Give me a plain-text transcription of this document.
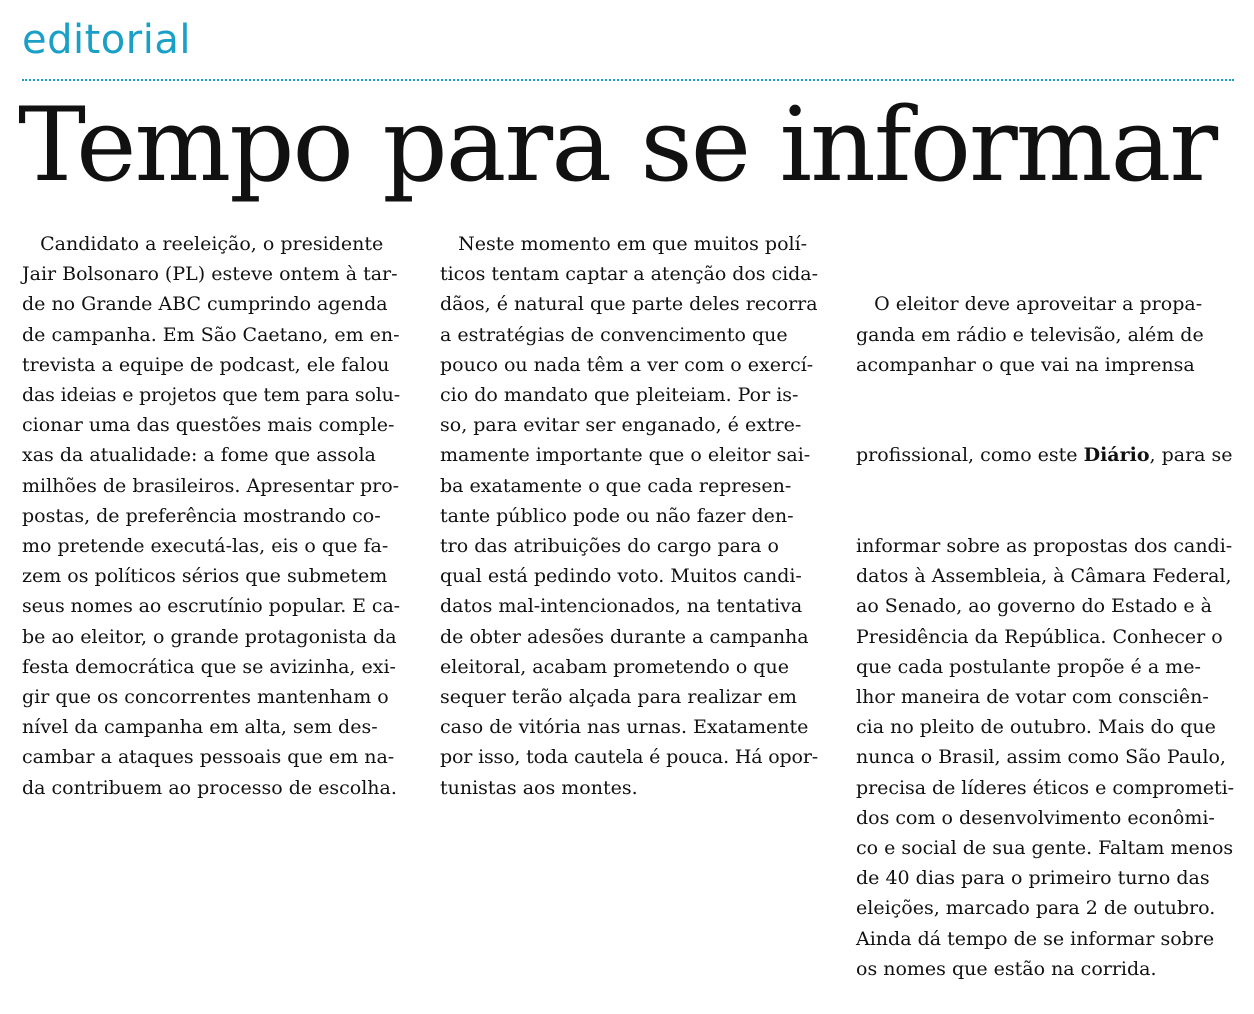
editorial
Tempo para se informar
Candidato a reeleição, o presidente
Jair Bolsonaro (PL) esteve ontem à tar-
de no Grande ABC cumprindo agenda
de campanha. Em São Caetano, em en-
trevista a equipe de podcast, ele falou
das ideias e projetos que tem para solu-
cionar uma das questões mais comple-
xas da atualidade: a fome que assola
milhões de brasileiros. Apresentar pro-
postas, de preferência mostrando co-
mo pretende executá-las, eis o que fa-
zem os políticos sérios que submetem
seus nomes ao escrutínio popular. E ca-
be ao eleitor, o grande protagonista da
festa democrática que se avizinha, exi-
gir que os concorrentes mantenham o
nível da campanha em alta, sem des-
cambar a ataques pessoais que em na-
da contribuem ao processo de escolha.
Neste momento em que muitos polí-
ticos tentam captar a atenção dos cida-
dãos, é natural que parte deles recorra
a estratégias de convencimento que
pouco ou nada têm a ver com o exercí-
cio do mandato que pleiteiam. Por is-
so, para evitar ser enganado, é extre-
mamente importante que o eleitor sai-
ba exatamente o que cada represen-
tante público pode ou não fazer den-
tro das atribuições do cargo para o
qual está pedindo voto. Muitos candi-
datos mal-intencionados, na tentativa
de obter adesões durante a campanha
eleitoral, acabam prometendo o que
sequer terão alçada para realizar em
caso de vitória nas urnas. Exatamente
por isso, toda cautela é pouca. Há opor-
tunistas aos montes.

O eleitor deve aproveitar a propa-
ganda em rádio e televisão, além de
acompanhar o que vai na imprensa

profissional, como este Diário, para se

informar sobre as propostas dos candi-
datos à Assembleia, à Câmara Federal,
ao Senado, ao governo do Estado e à
Presidência da República. Conhecer o
que cada postulante propõe é a me-
lhor maneira de votar com consciên-
cia no pleito de outubro. Mais do que
nunca o Brasil, assim como São Paulo,
precisa de líderes éticos e comprometi-
dos com o desenvolvimento econômi-
co e social de sua gente. Faltam menos
de 40 dias para o primeiro turno das
eleições, marcado para 2 de outubro.
Ainda dá tempo de se informar sobre
os nomes que estão na corrida.
